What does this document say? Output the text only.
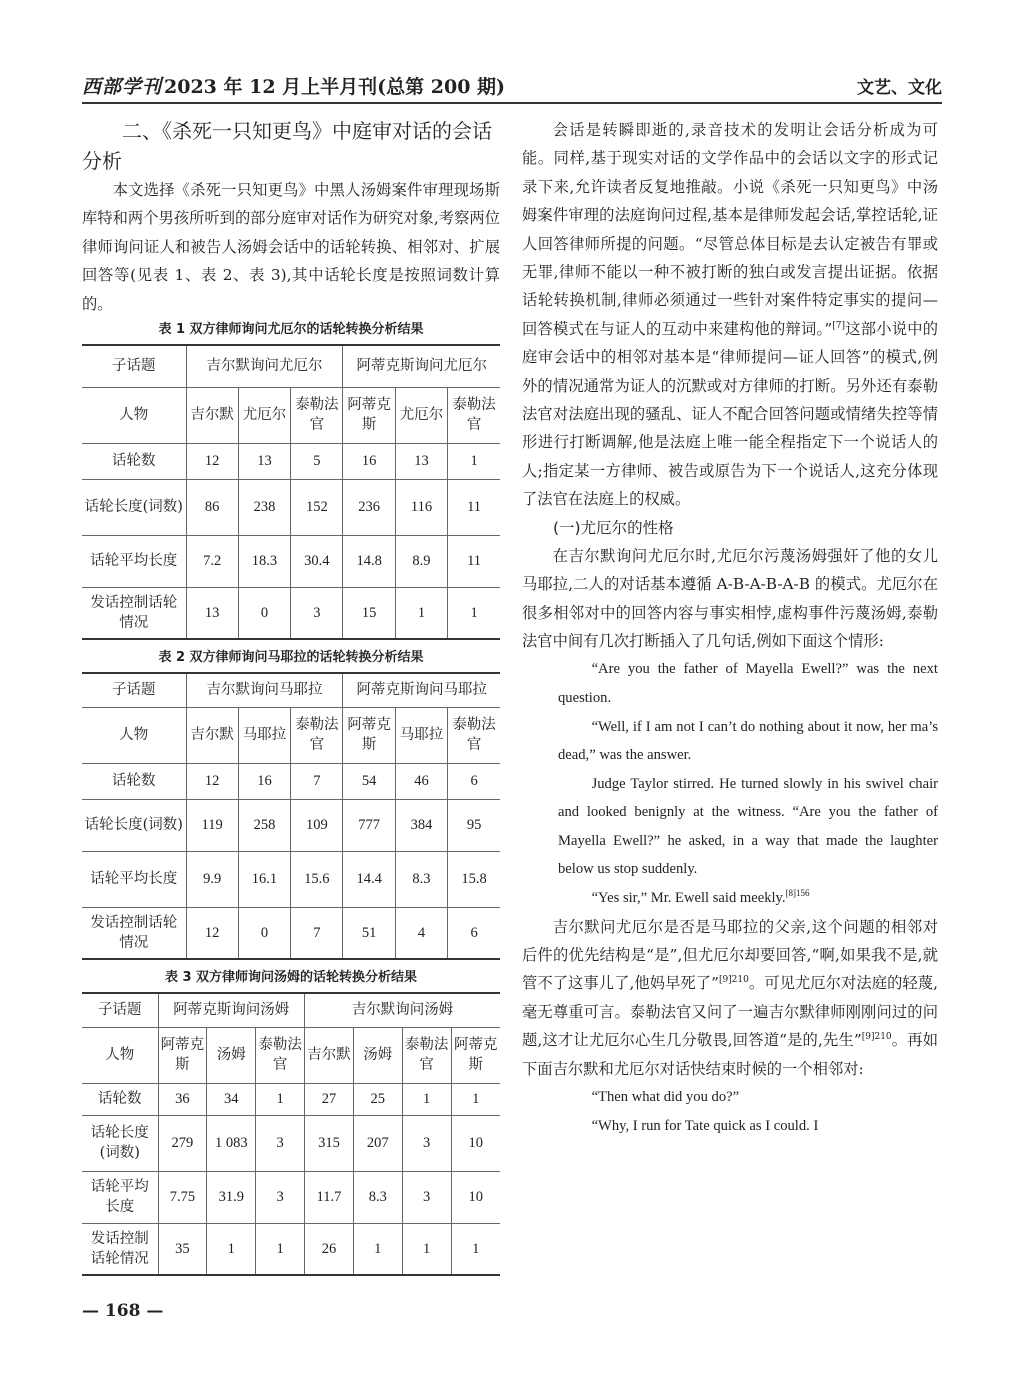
西部学刊 2023 年 12 月上半月刊(总第 200 期)	文艺、文化
二、《杀死一只知更鸟》中庭审对话的会话分析

本文选择《杀死一只知更鸟》中黑人汤姆案件审理现场斯库特和两个男孩所听到的部分庭审对话作为研究对象,考察两位律师询问证人和被告人汤姆会话中的话轮转换、相邻对、扩展回答等(见表 1、表 2、表 3),其中话轮长度是按照词数计算的。

表 1 双方律师询问尤厄尔的话轮转换分析结果
子话题	吉尔默询问尤厄尔			阿蒂克斯询问尤厄尔		
人物	吉尔默	尤厄尔	泰勒法官	阿蒂克斯	尤厄尔	泰勒法官
话轮数	12	13	5	16	13	1
话轮长度(词数)	86	238	152	236	116	11
话轮平均长度	7.2	18.3	30.4	14.8	8.9	11
发话控制话轮情况	13	0	3	15	1	1
表 2 双方律师询问马耶拉的话轮转换分析结果
子话题	吉尔默询问马耶拉			阿蒂克斯询问马耶拉		
人物	吉尔默	马耶拉	泰勒法官	阿蒂克斯	马耶拉	泰勒法官
话轮数	12	16	7	54	46	6
话轮长度(词数)	119	258	109	777	384	95
话轮平均长度	9.9	16.1	15.6	14.4	8.3	15.8
发话控制话轮情况	12	0	7	51	4	6
表 3 双方律师询问汤姆的话轮转换分析结果
子话题	阿蒂克斯询问汤姆			吉尔默询问汤姆			
人物	阿蒂克斯	汤姆	泰勒法官	吉尔默	汤姆	泰勒法官	阿蒂克斯
话轮数	36	34	1	27	25	1	1
话轮长度(词数)	279	1 083	3	315	207	3	10
话轮平均长度	7.75	31.9	3	11.7	8.3	3	10
发话控制话轮情况	35	1	1	26	1	1	1

会话是转瞬即逝的,录音技术的发明让会话分析成为可能。同样,基于现实对话的文学作品中的会话以文字的形式记录下来,允许读者反复地推敲。小说《杀死一只知更鸟》中汤姆案件审理的法庭询问过程,基本是律师发起会话,掌控话轮,证人回答律师所提的问题。“尽管总体目标是去认定被告有罪或无罪,律师不能以一种不被打断的独白或发言提出证据。依据话轮转换机制,律师必须通过一些针对案件特定事实的提问—回答模式在与证人的互动中来建构他的辩词。”[7]这部小说中的庭审会话中的相邻对基本是“律师提问—证人回答”的模式,例外的情况通常为证人的沉默或对方律师的打断。另外还有泰勒法官对法庭出现的骚乱、证人不配合回答问题或情绪失控等情形进行打断调解,他是法庭上唯一能全程指定下一个说话人的人;指定某一方律师、被告或原告为下一个说话人,这充分体现了法官在法庭上的权威。

(一)尤厄尔的性格

在吉尔默询问尤厄尔时,尤厄尔污蔑汤姆强奸了他的女儿马耶拉,二人的对话基本遵循 A-B-A-B-A-B 的模式。尤厄尔在很多相邻对中的回答内容与事实相悖,虚构事件污蔑汤姆,泰勒法官中间有几次打断插入了几句话,例如下面这个情形:

“Are you the father of Mayella Ewell?” was the next question.

“Well, if I am not I can’t do nothing about it now, her ma’s dead,” was the answer.

Judge Taylor stirred. He turned slowly in his swivel chair and looked benignly at the witness. “Are you the father of Mayella Ewell?” he asked, in a way that made the laughter below us stop suddenly.

“Yes sir,” Mr. Ewell said meekly.$^{[8]156}$

吉尔默问尤厄尔是否是马耶拉的父亲,这个问题的相邻对后件的优先结构是“是”,但尤厄尔却要回答,“啊,如果我不是,就管不了这事儿了,他妈早死了”$^{[9]210}$。可见尤厄尔对法庭的轻蔑,毫无尊重可言。泰勒法官又问了一遍吉尔默律师刚刚问过的问题,这才让尤厄尔心生几分敬畏,回答道“是的,先生”$^{[9]210}$。再如下面吉尔默和尤厄尔对话快结束时候的一个相邻对:

“Then what did you do?”

“Why, I run for Tate quick as I could. I

— 168 —
